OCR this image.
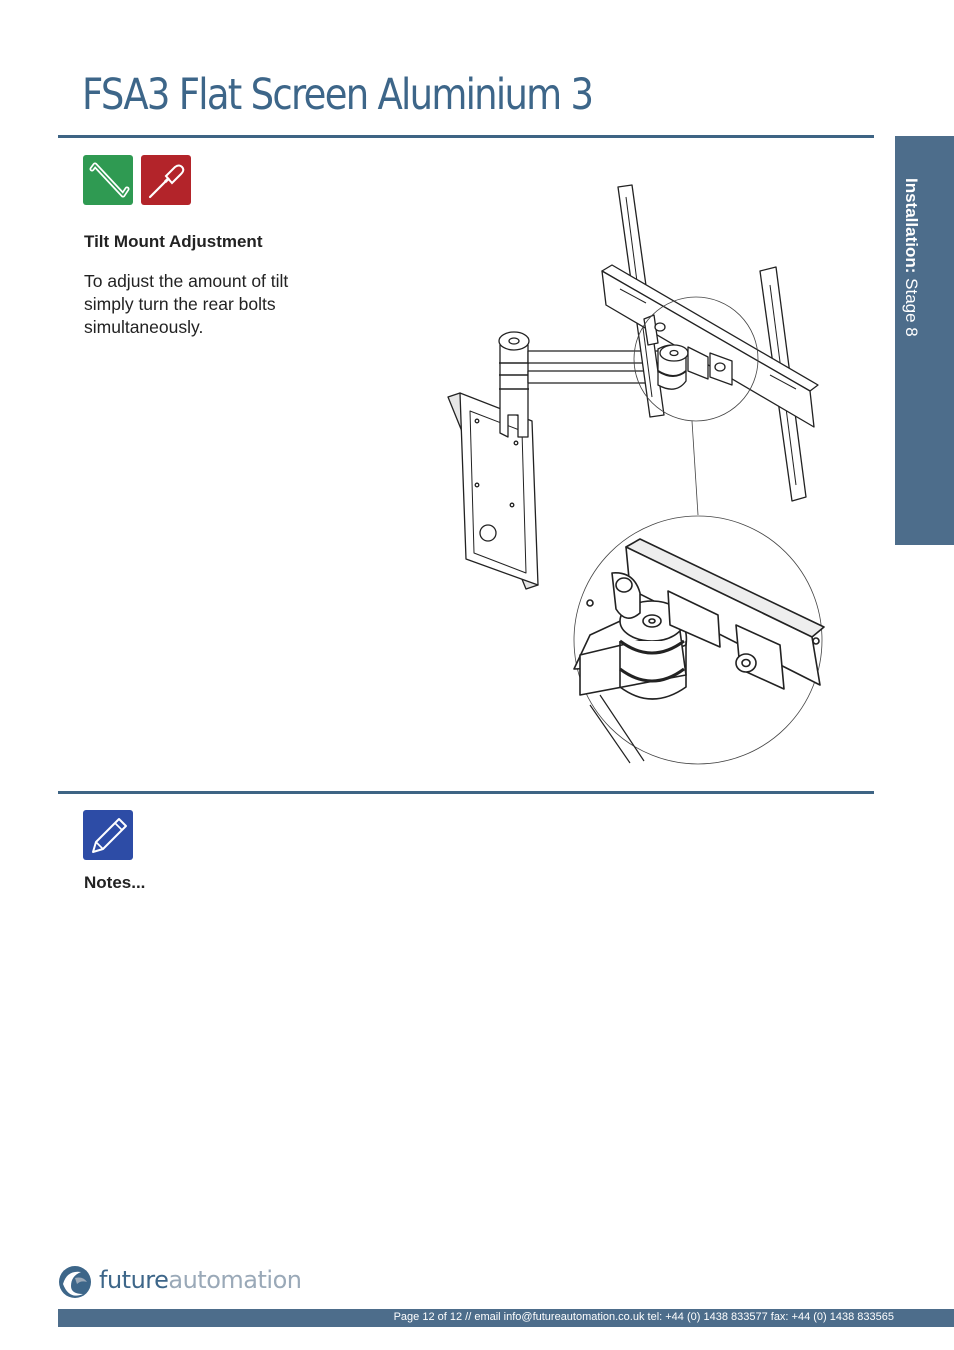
FSA3 Flat Screen Aluminium 3
Installation: Stage 8
Tilt Mount Adjustment
To adjust the amount of tilt simply turn the rear bolts simultaneously.
Notes...
futureautomation
Page 12 of 12 // email info@futureautomation.co.uk tel: +44 (0) 1438 833577 fax: +44 (0) 1438 833565
